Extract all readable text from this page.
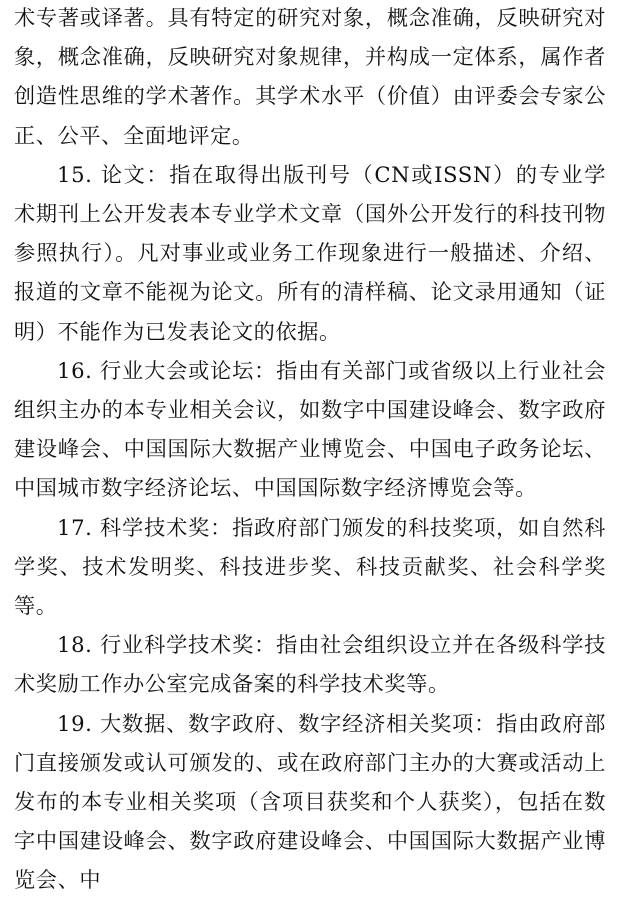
术专著或译著。具有特定的研究对象，概念准确，反映研究对象，概念准确，反映研究对象规律，并构成一定体系，属作者创造性思维的学术著作。其学术水平（价值）由评委会专家公正、公平、全面地评定。

15. 论文：指在取得出版刊号（CN或ISSN）的专业学术期刊上公开发表本专业学术文章（国外公开发行的科技刊物参照执行）。凡对事业或业务工作现象进行一般描述、介绍、报道的文章不能视为论文。所有的清样稿、论文录用通知（证明）不能作为已发表论文的依据。

16. 行业大会或论坛：指由有关部门或省级以上行业社会组织主办的本专业相关会议，如数字中国建设峰会、数字政府建设峰会、中国国际大数据产业博览会、中国电子政务论坛、中国城市数字经济论坛、中国国际数字经济博览会等。

17. 科学技术奖：指政府部门颁发的科技奖项，如自然科学奖、技术发明奖、科技进步奖、科技贡献奖、社会科学奖等。

18. 行业科学技术奖：指由社会组织设立并在各级科学技术奖励工作办公室完成备案的科学技术奖等。

19. 大数据、数字政府、数字经济相关奖项：指由政府部门直接颁发或认可颁发的、或在政府部门主办的大赛或活动上发布的本专业相关奖项（含项目获奖和个人获奖），包括在数字中国建设峰会、数字政府建设峰会、中国国际大数据产业博览会、中
